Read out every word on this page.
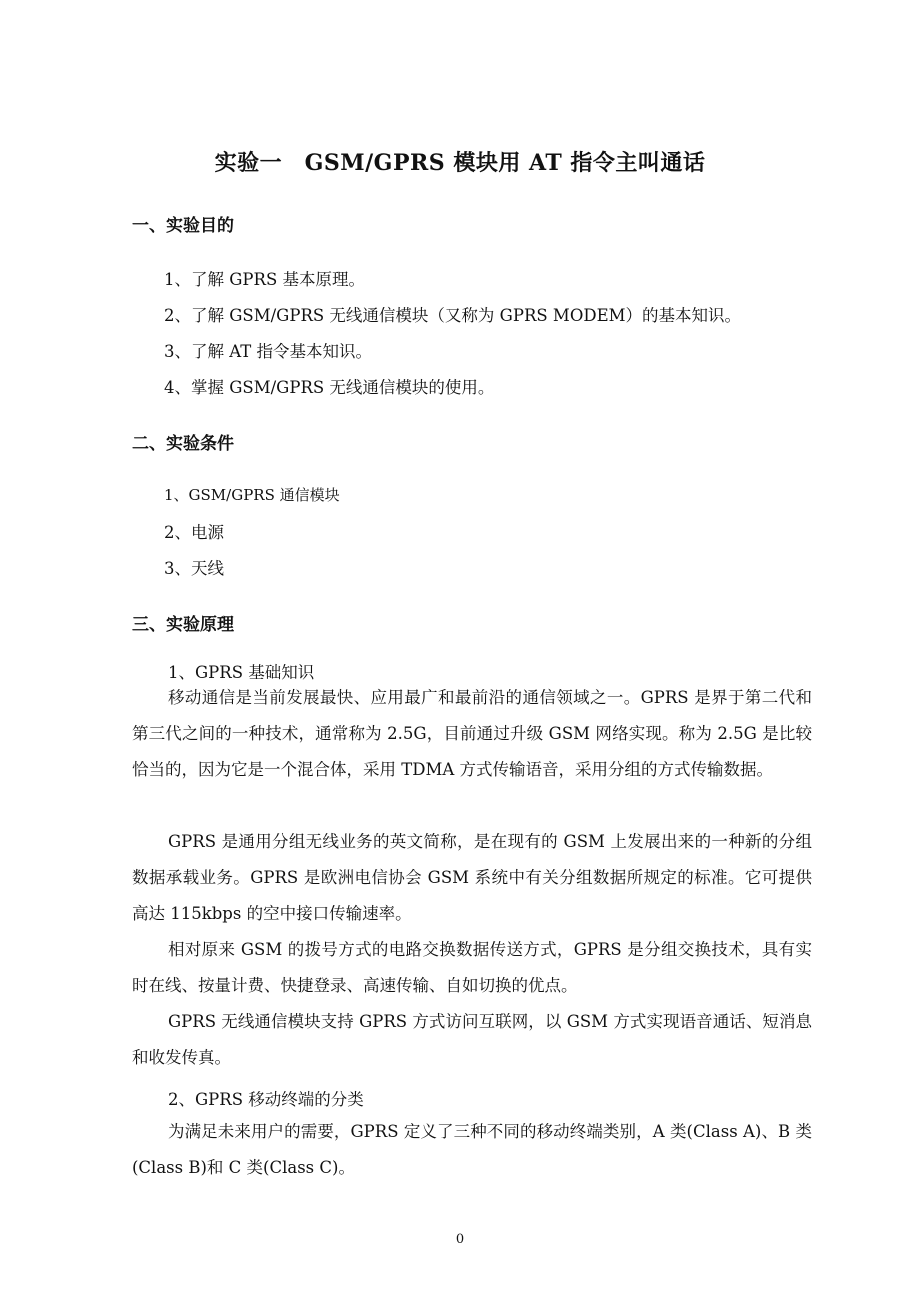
实验一　GSM/GPRS 模块用 AT 指令主叫通话
一、实验目的
1、了解 GPRS 基本原理。
2、了解 GSM/GPRS 无线通信模块（又称为 GPRS MODEM）的基本知识。
3、了解 AT 指令基本知识。
4、掌握 GSM/GPRS 无线通信模块的使用。
二、实验条件
1、GSM/GPRS 通信模块
2、电源
3、天线
三、实验原理
1、GPRS 基础知识

移动通信是当前发展最快、应用最广和最前沿的通信领域之一。GPRS 是界于第二代和第三代之间的一种技术，通常称为 2.5G，目前通过升级 GSM 网络实现。称为 2.5G 是比较恰当的，因为它是一个混合体，采用 TDMA 方式传输语音，采用分组的方式传输数据。

GPRS 是通用分组无线业务的英文简称，是在现有的 GSM 上发展出来的一种新的分组数据承载业务。GPRS 是欧洲电信协会 GSM 系统中有关分组数据所规定的标准。它可提供高达 115kbps 的空中接口传输速率。

相对原来 GSM 的拨号方式的电路交换数据传送方式，GPRS 是分组交换技术，具有实时在线、按量计费、快捷登录、高速传输、自如切换的优点。

GPRS 无线通信模块支持 GPRS 方式访问互联网，以 GSM 方式实现语音通话、短消息和收发传真。

2、GPRS 移动终端的分类

为满足未来用户的需要，GPRS 定义了三种不同的移动终端类别，A 类(Class A)、B 类(Class B)和 C 类(Class C)。

0
